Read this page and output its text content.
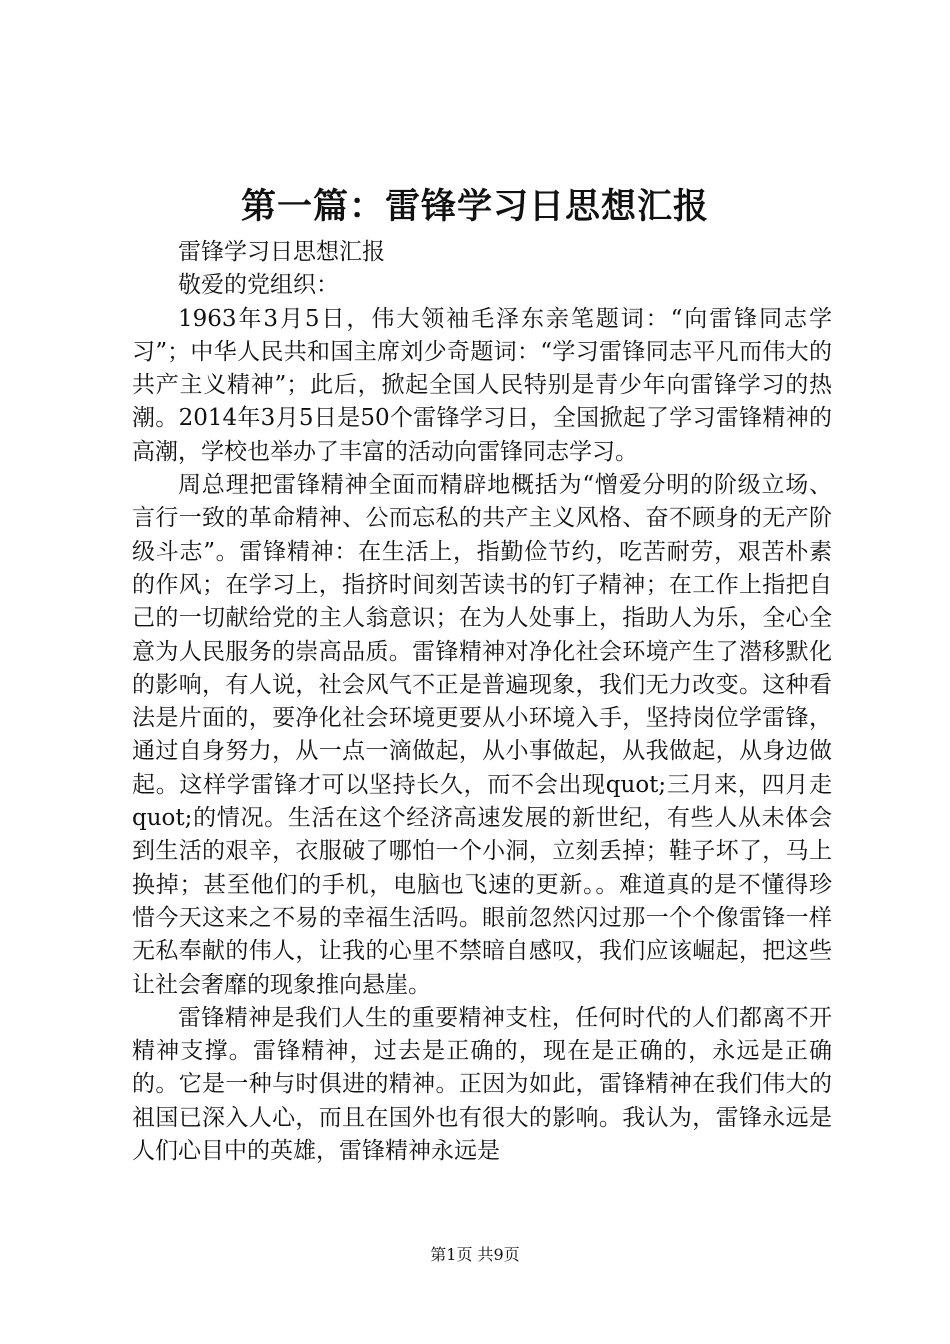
第一篇：雷锋学习日思想汇报

雷锋学习日思想汇报

敬爱的党组织：

1963年3月5日，伟大领袖毛泽东亲笔题词：“向雷锋同志学习”；中华人民共和国主席刘少奇题词：“学习雷锋同志平凡而伟大的共产主义精神”；此后，掀起全国人民特别是青少年向雷锋学习的热潮。2014年3月5日是50个雷锋学习日，全国掀起了学习雷锋精神的高潮，学校也举办了丰富的活动向雷锋同志学习。

周总理把雷锋精神全面而精辟地概括为“憎爱分明的阶级立场、言行一致的革命精神、公而忘私的共产主义风格、奋不顾身的无产阶级斗志”。雷锋精神：在生活上，指勤俭节约，吃苦耐劳，艰苦朴素的作风；在学习上，指挤时间刻苦读书的钉子精神；在工作上指把自己的一切献给党的主人翁意识；在为人处事上，指助人为乐，全心全意为人民服务的崇高品质。雷锋精神对净化社会环境产生了潜移默化的影响，有人说，社会风气不正是普遍现象，我们无力改变。这种看法是片面的，要净化社会环境更要从小环境入手，坚持岗位学雷锋，通过自身努力，从一点一滴做起，从小事做起，从我做起，从身边做起。这样学雷锋才可以坚持长久，而不会出现quot;三月来，四月走quot;的情况。生活在这个经济高速发展的新世纪，有些人从未体会到生活的艰辛，衣服破了哪怕一个小洞，立刻丢掉；鞋子坏了，马上换掉；甚至他们的手机，电脑也飞速的更新。。难道真的是不懂得珍惜今天这来之不易的幸福生活吗。眼前忽然闪过那一个个像雷锋一样无私奉献的伟人，让我的心里不禁暗自感叹，我们应该崛起，把这些让社会奢靡的现象推向悬崖。

雷锋精神是我们人生的重要精神支柱，任何时代的人们都离不开精神支撑。雷锋精神，过去是正确的，现在是正确的，永远是正确的。它是一种与时俱进的精神。正因为如此，雷锋精神在我们伟大的祖国已深入人心，而且在国外也有很大的影响。我认为，雷锋永远是人们心目中的英雄，雷锋精神永远是

第1页 共9页
